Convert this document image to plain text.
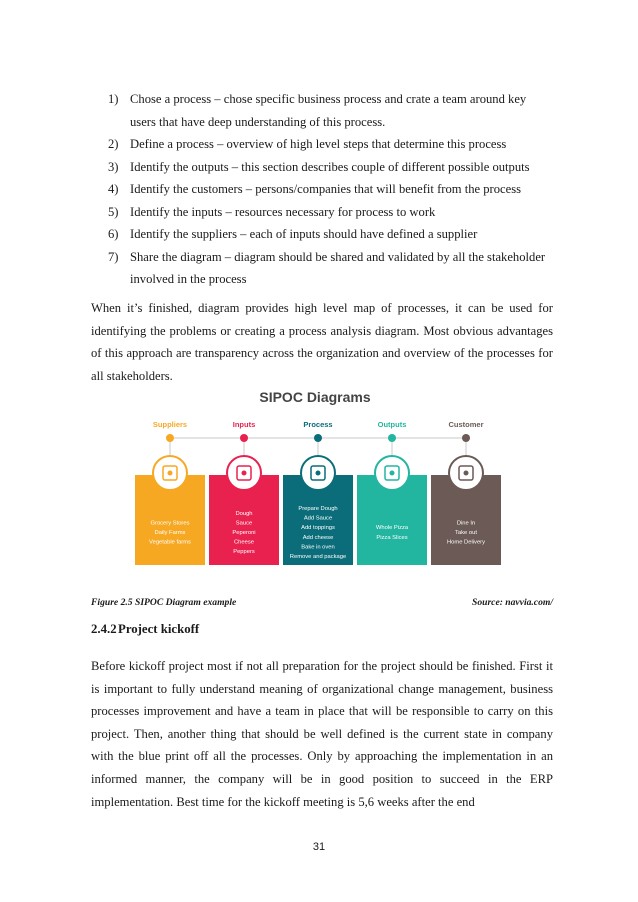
1) Chose a process – chose specific business process and crate a team around key users that have deep understanding of this process.
2) Define a process – overview of high level steps that determine this process
3) Identify the outputs – this section describes couple of different possible outputs
4) Identify the customers – persons/companies that will benefit from the process
5) Identify the inputs – resources necessary for process to work
6) Identify the suppliers – each of inputs should have defined a supplier
7) Share the diagram – diagram should be shared and validated by all the stakeholder involved in the process

When it’s finished, diagram provides high level map of processes, it can be used for identifying the problems or creating a process analysis diagram. Most obvious advantages of this approach are transparency across the organization and overview of the processes for all stakeholders.

SIPOC Diagrams
Suppliers
Grocery Stores
Daily Farms
Vegetable farms
Inputs
Dough
Sauce
Peperoni
Cheese
Peppers
Process
Prepare Dough
Add Sauce
Add toppings
Add cheese
Bake in oven
Remove and package
Outputs
Whole Pizza
Pizza Slices
Customer
Dine In
Take out
Home Delivery
Figure 2.5 SIPOC Diagram example	Source: navvia.com/
2.4.2Project kickoff

Before kickoff project most if not all preparation for the project should be finished. First it is important to fully understand meaning of organizational change management, business processes improvement and have a team in place that will be responsible to carry on this project. Then, another thing that should be well defined is the current state in company with the blue print off all the processes. Only by approaching the implementation in an informed manner, the company will be in good position to succeed in the ERP implementation. Best time for the kickoff meeting is 5,6 weeks after the end

31
